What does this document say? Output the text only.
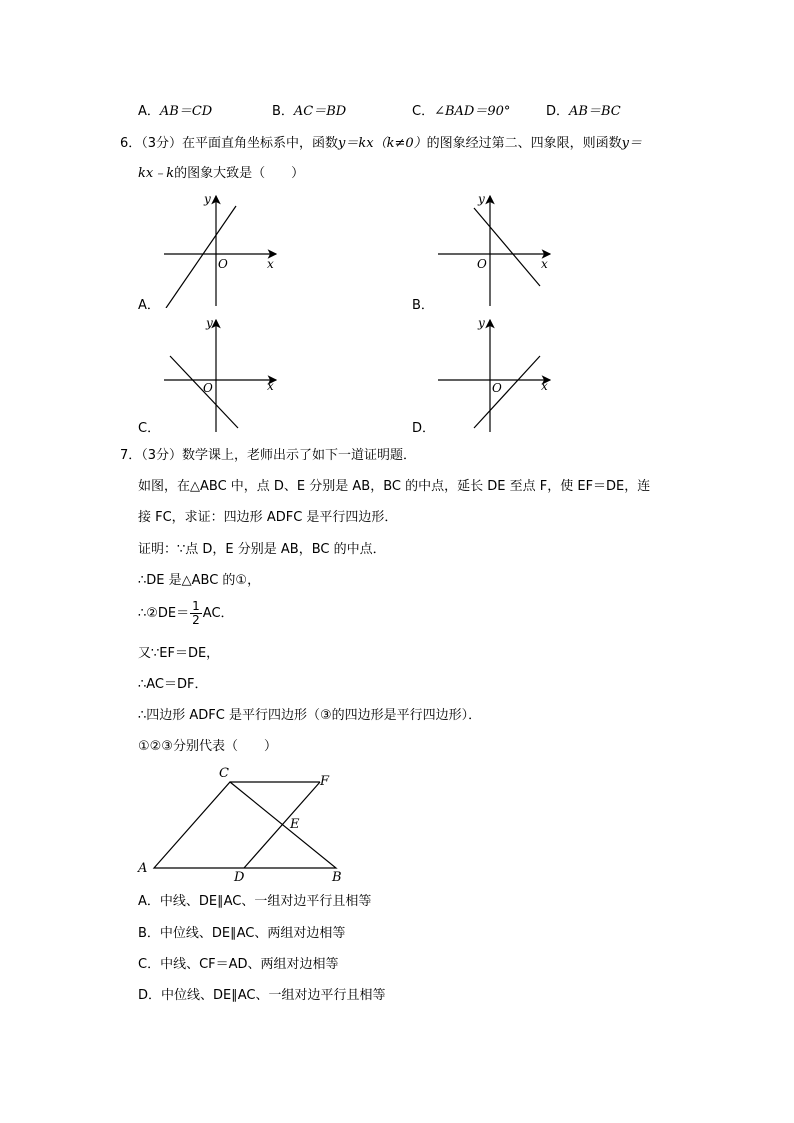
A．AB＝CD	B．AC＝BD	C．∠BAD＝90°	D．AB＝BC
6．（3分）在平面直角坐标系中，函数y＝kx（k≠0）的图象经过第二、四象限，则函数y＝
kx﹣k的图象大致是（　　）
y
x
O
A．
y
x
O
B．
y
x
O
C．
y
x
O
D．
7．（3分）数学课上，老师出示了如下一道证明题．
如图，在△ABC 中，点 D、E 分别是 AB，BC 的中点，延长 DE 至点 F，使 EF＝DE，连
接 FC，求证：四边形 ADFC 是平行四边形．
证明：∵点 D，E 分别是 AB，BC 的中点．
∴DE 是△ABC 的①，
∴②DE＝ $\frac{1}{2}$ AC．
又∵EF＝DE，
∴AC＝DF．
∴四边形 ADFC 是平行四边形（③的四边形是平行四边形）．
①②③分别代表（　　）
A
B
C
D
E
F
A．中线、DE∥AC、一组对边平行且相等
B．中位线、DE∥AC、两组对边相等
C．中线、CF＝AD、两组对边相等
D．中位线、DE∥AC、一组对边平行且相等
